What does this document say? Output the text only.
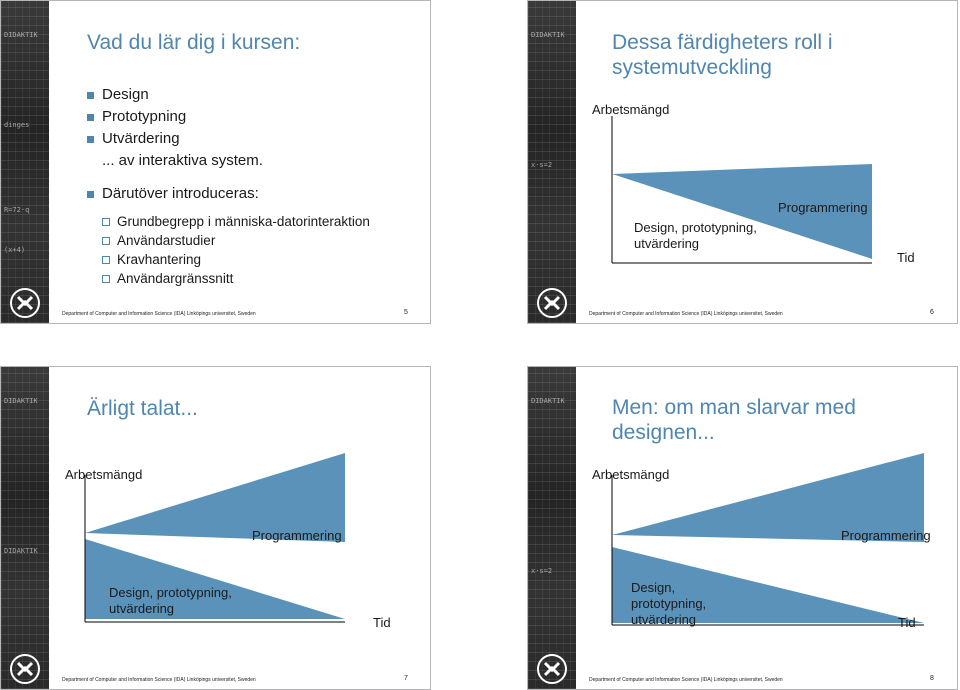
DIDAKTIK
dinges
R=72·q
(x+4)
Vad du lär dig i kursen:
Design
Prototypning
Utvärdering
... av interaktiva system.
Därutöver introduceras:
Grundbegrepp i människa-datorinteraktion
Användarstudier
Kravhantering
Användargränssnitt
Department of Computer and Information Science (IDA) Linköpings universitet, Sweden	5
DIDAKTIK
x·s=2
Dessa färdigheters roll i systemutveckling
Arbetsmängd
Tid
Programmering
Design, prototypning, utvärdering
Department of Computer and Information Science (IDA) Linköpings universitet, Sweden	6
DIDAKTIK
DIDAKTIK
Ärligt talat...
Arbetsmängd
Tid
Programmering
Design, prototypning, utvärdering
Department of Computer and Information Science (IDA) Linköpings universitet, Sweden	7
DIDAKTIK
x·s=2
Men: om man slarvar med designen...
Arbetsmängd
Tid
Programmering
Design, prototypning, utvärdering
Department of Computer and Information Science (IDA) Linköpings universitet, Sweden	8
